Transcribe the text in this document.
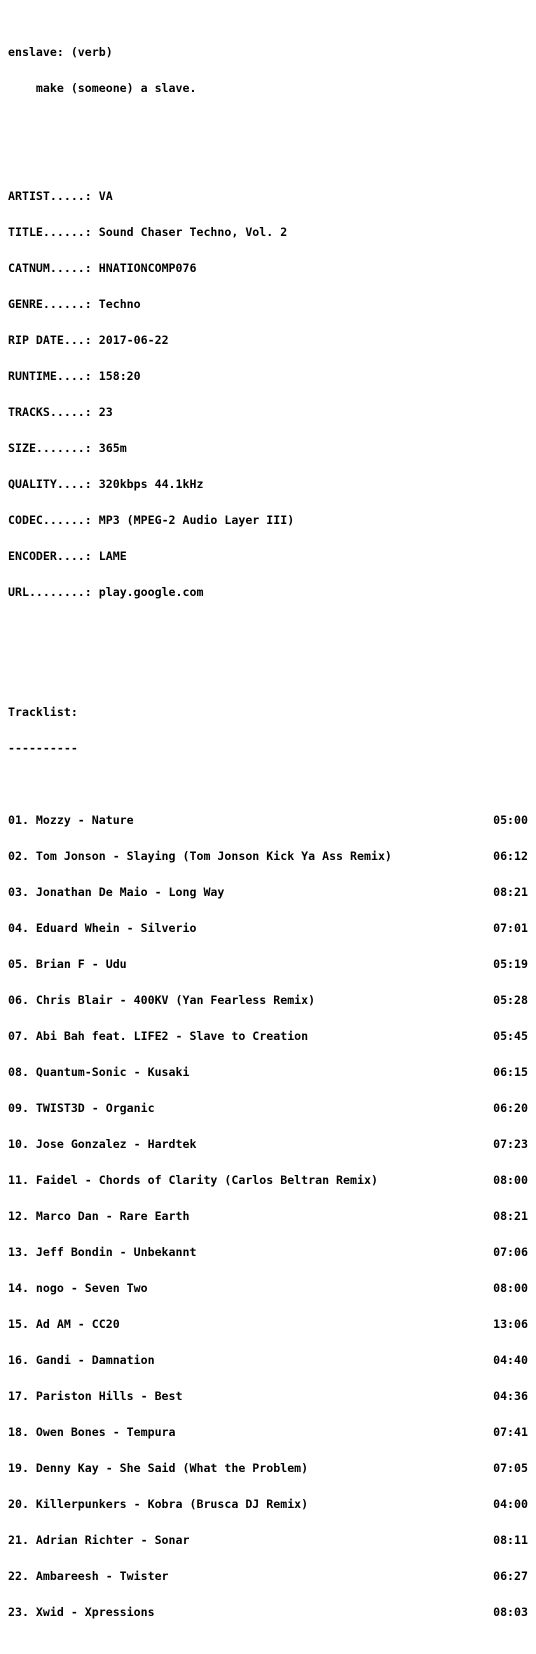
enslave: (verb)

make (someone) a slave.

ARTIST.....: VA

TITLE......: Sound Chaser Techno, Vol. 2

CATNUM.....: HNATIONCOMP076

GENRE......: Techno

RIP DATE...: 2017-06-22

RUNTIME....: 158:20

TRACKS.....: 23

SIZE.......: 365m

QUALITY....: 320kbps 44.1kHz

CODEC......: MP3 (MPEG-2 Audio Layer III)

ENCODER....: LAME

URL........: play.google.com

Tracklist:

----------

01. Mozzy - Nature	05:00

02. Tom Jonson - Slaying (Tom Jonson Kick Ya Ass Remix)	06:12

03. Jonathan De Maio - Long Way	08:21

04. Eduard Whein - Silverio	07:01

05. Brian F - Udu	05:19

06. Chris Blair - 400KV (Yan Fearless Remix)	05:28

07. Abi Bah feat. LIFE2 - Slave to Creation	05:45

08. Quantum-Sonic - Kusaki	06:15

09. TWIST3D - Organic	06:20

10. Jose Gonzalez - Hardtek	07:23

11. Faidel - Chords of Clarity (Carlos Beltran Remix)	08:00

12. Marco Dan - Rare Earth	08:21

13. Jeff Bondin - Unbekannt	07:06

14. nogo - Seven Two	08:00

15. Ad AM - CC20	13:06

16. Gandi - Damnation	04:40

17. Pariston Hills - Best	04:36

18. Owen Bones - Tempura	07:41

19. Denny Kay - She Said (What the Problem)	07:05

20. Killerpunkers - Kobra (Brusca DJ Remix)	04:00

21. Adrian Richter - Sonar	08:11

22. Ambareesh - Twister	06:27

23. Xwid - Xpressions	08:03
